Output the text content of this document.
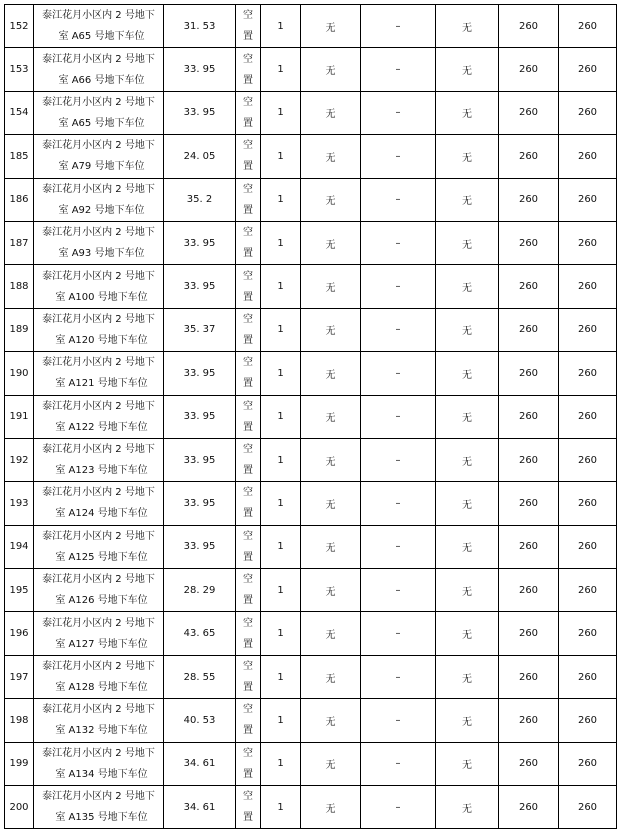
152	泰江花月小区内 2 号地下
室 A65 号地下车位	31. 53	空
置	1	无	–	无	260	260
153	泰江花月小区内 2 号地下
室 A66 号地下车位	33. 95	空
置	1	无	–	无	260	260
154	泰江花月小区内 2 号地下
室 A65 号地下车位	33. 95	空
置	1	无	–	无	260	260
185	泰江花月小区内 2 号地下
室 A79 号地下车位	24. 05	空
置	1	无	–	无	260	260
186	泰江花月小区内 2 号地下
室 A92 号地下车位	35. 2	空
置	1	无	–	无	260	260
187	泰江花月小区内 2 号地下
室 A93 号地下车位	33. 95	空
置	1	无	–	无	260	260
188	泰江花月小区内 2 号地下
室 A100 号地下车位	33. 95	空
置	1	无	–	无	260	260
189	泰江花月小区内 2 号地下
室 A120 号地下车位	35. 37	空
置	1	无	–	无	260	260
190	泰江花月小区内 2 号地下
室 A121 号地下车位	33. 95	空
置	1	无	–	无	260	260
191	泰江花月小区内 2 号地下
室 A122 号地下车位	33. 95	空
置	1	无	–	无	260	260
192	泰江花月小区内 2 号地下
室 A123 号地下车位	33. 95	空
置	1	无	–	无	260	260
193	泰江花月小区内 2 号地下
室 A124 号地下车位	33. 95	空
置	1	无	–	无	260	260
194	泰江花月小区内 2 号地下
室 A125 号地下车位	33. 95	空
置	1	无	–	无	260	260
195	泰江花月小区内 2 号地下
室 A126 号地下车位	28. 29	空
置	1	无	–	无	260	260
196	泰江花月小区内 2 号地下
室 A127 号地下车位	43. 65	空
置	1	无	–	无	260	260
197	泰江花月小区内 2 号地下
室 A128 号地下车位	28. 55	空
置	1	无	–	无	260	260
198	泰江花月小区内 2 号地下
室 A132 号地下车位	40. 53	空
置	1	无	–	无	260	260
199	泰江花月小区内 2 号地下
室 A134 号地下车位	34. 61	空
置	1	无	–	无	260	260
200	泰江花月小区内 2 号地下
室 A135 号地下车位	34. 61	空
置	1	无	–	无	260	260
